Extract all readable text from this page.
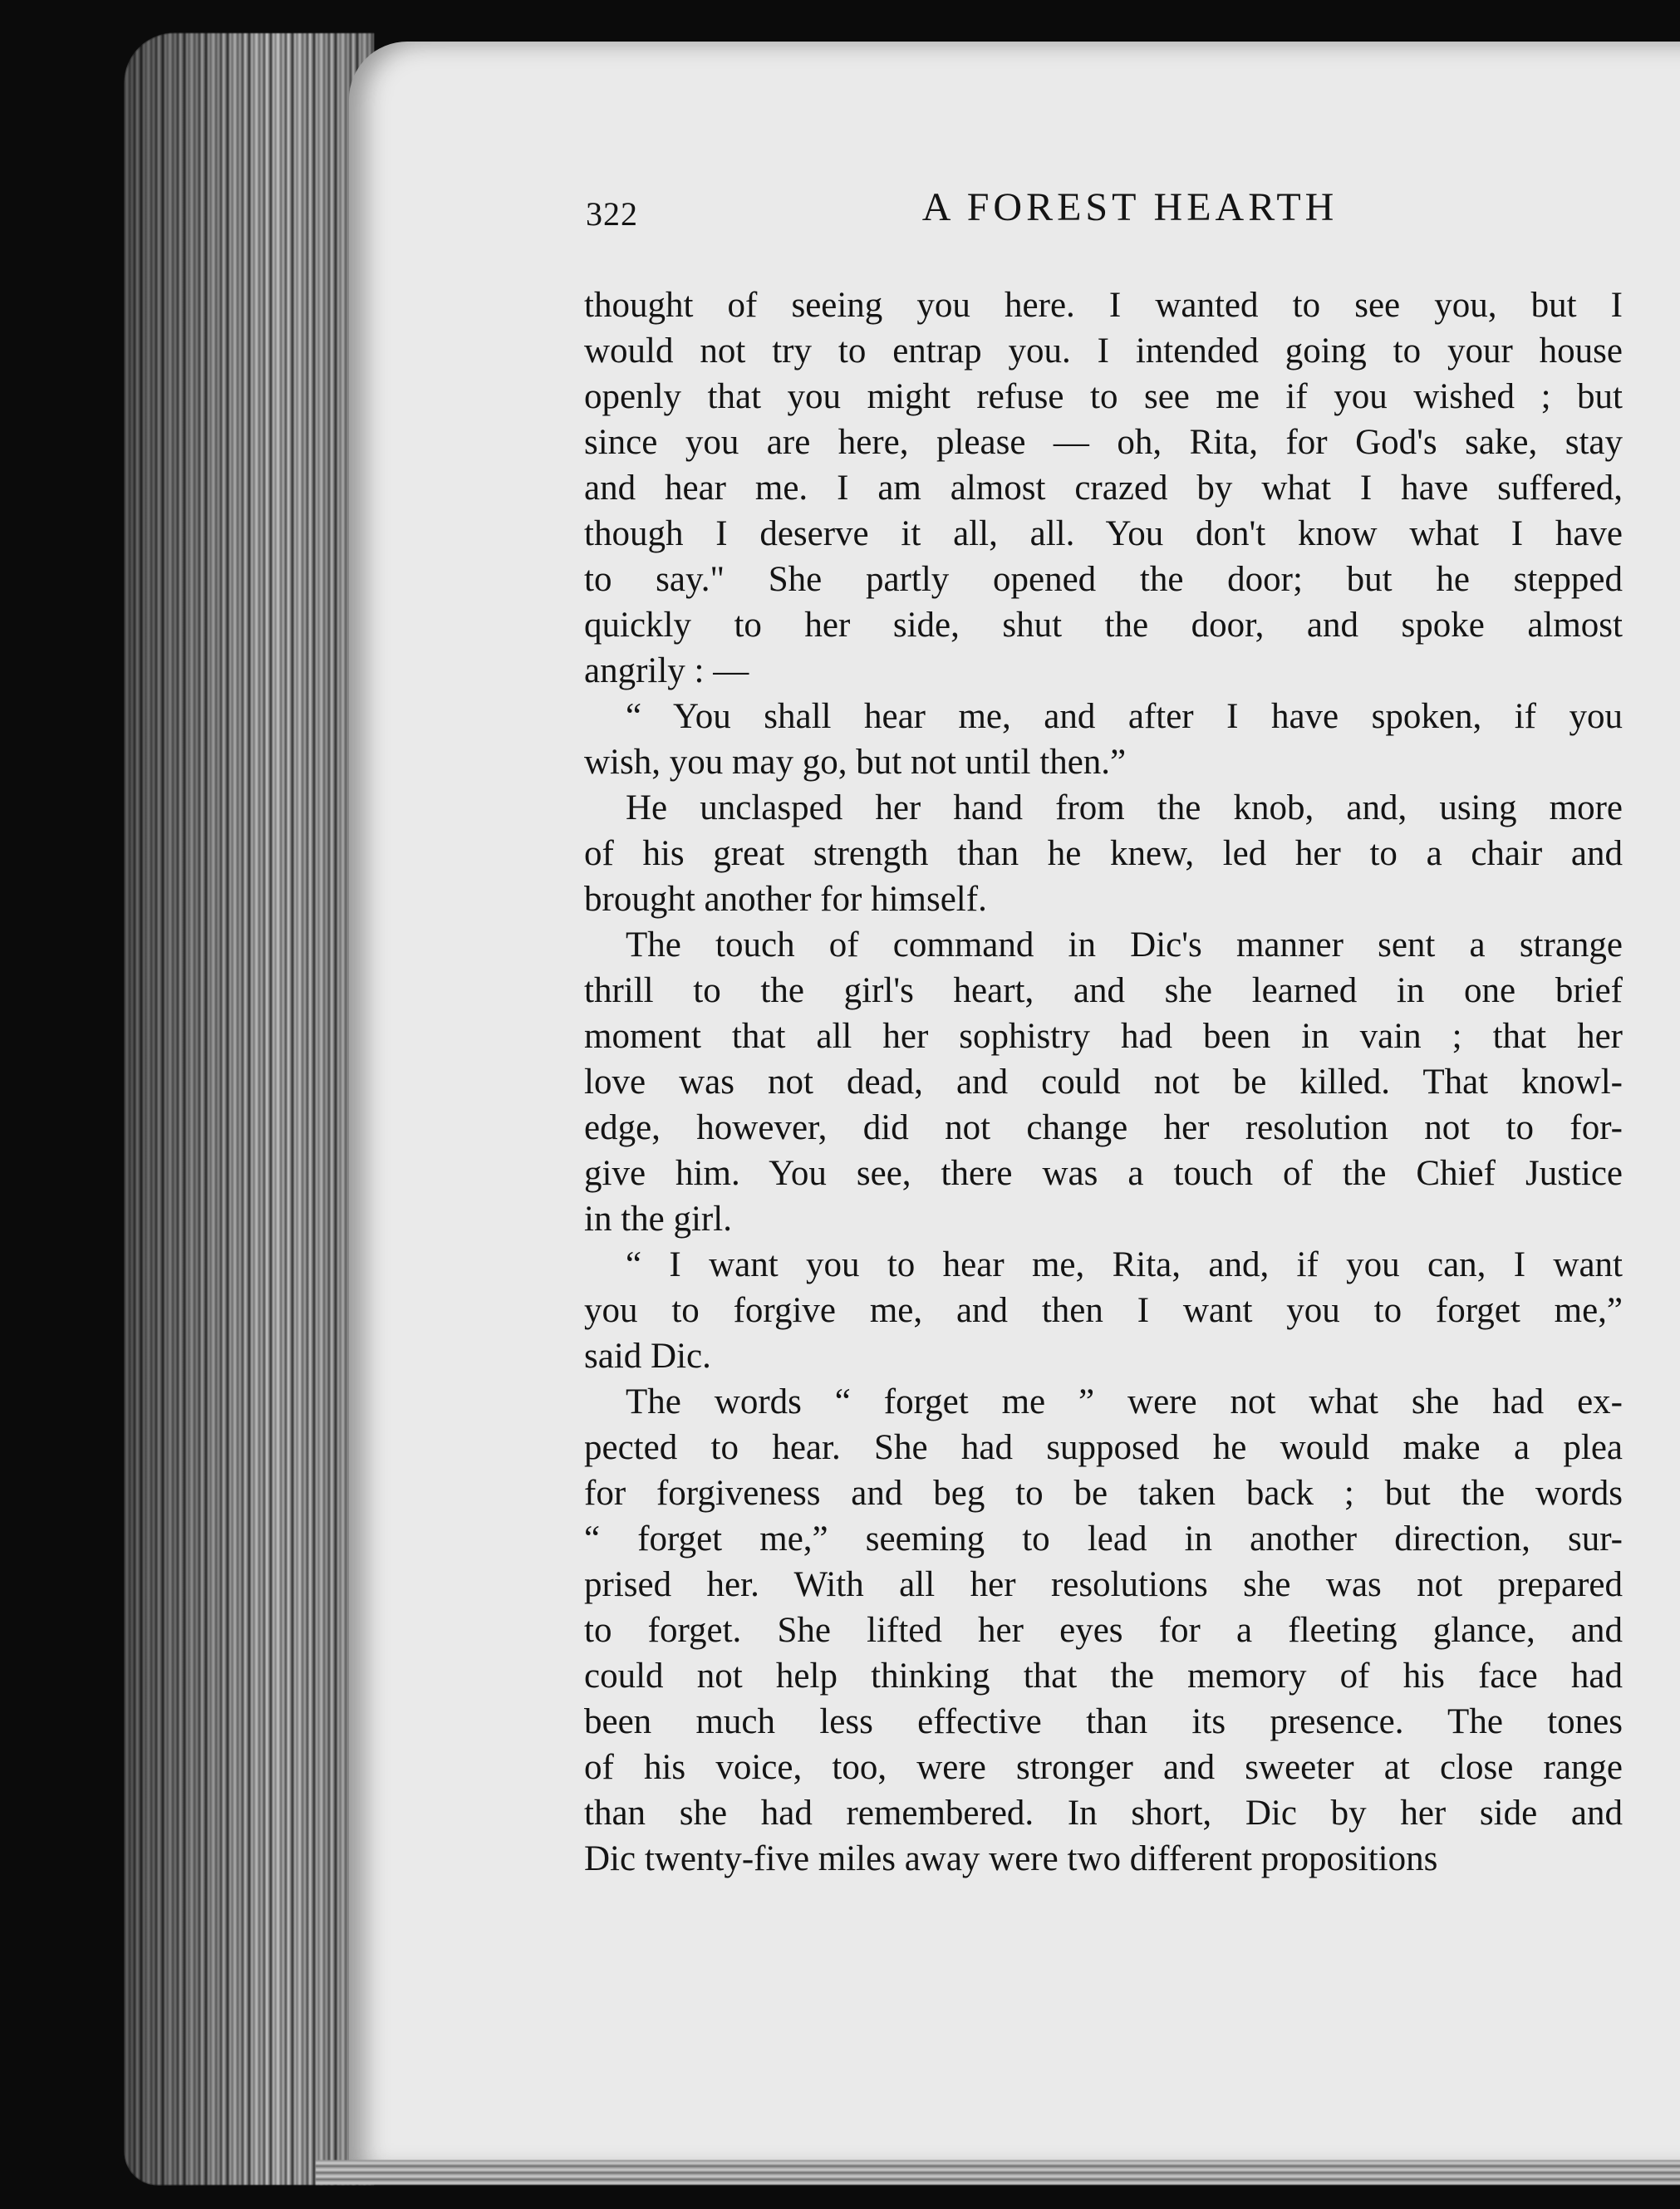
322	A FOREST HEARTH
thought of seeing you here. I wanted to see you, but I
would not try to entrap you. I intended going to your house
openly that you might refuse to see me if you wished ; but
since you are here, please — oh, Rita, for God's sake, stay
and hear me. I am almost crazed by what I have suffered,
though I deserve it all, all. You don't know what I have
to say." She partly opened the door; but he stepped
quickly to her side, shut the door, and spoke almost
angrily : —
“ You shall hear me, and after I have spoken, if you
wish, you may go, but not until then.”
He unclasped her hand from the knob, and, using more
of his great strength than he knew, led her to a chair and
brought another for himself.
The touch of command in Dic's manner sent a strange
thrill to the girl's heart, and she learned in one brief
moment that all her sophistry had been in vain ; that her
love was not dead, and could not be killed. That knowl-
edge, however, did not change her resolution not to for-
give him. You see, there was a touch of the Chief Justice
in the girl.
“ I want you to hear me, Rita, and, if you can, I want
you to forgive me, and then I want you to forget me,”
said Dic.
The words “ forget me ” were not what she had ex-
pected to hear. She had supposed he would make a plea
for forgiveness and beg to be taken back ; but the words
“ forget me,” seeming to lead in another direction, sur-
prised her. With all her resolutions she was not prepared
to forget. She lifted her eyes for a fleeting glance, and
could not help thinking that the memory of his face had
been much less effective than its presence. The tones
of his voice, too, were stronger and sweeter at close range
than she had remembered. In short, Dic by her side and
Dic twenty-five miles away were two different propositions
